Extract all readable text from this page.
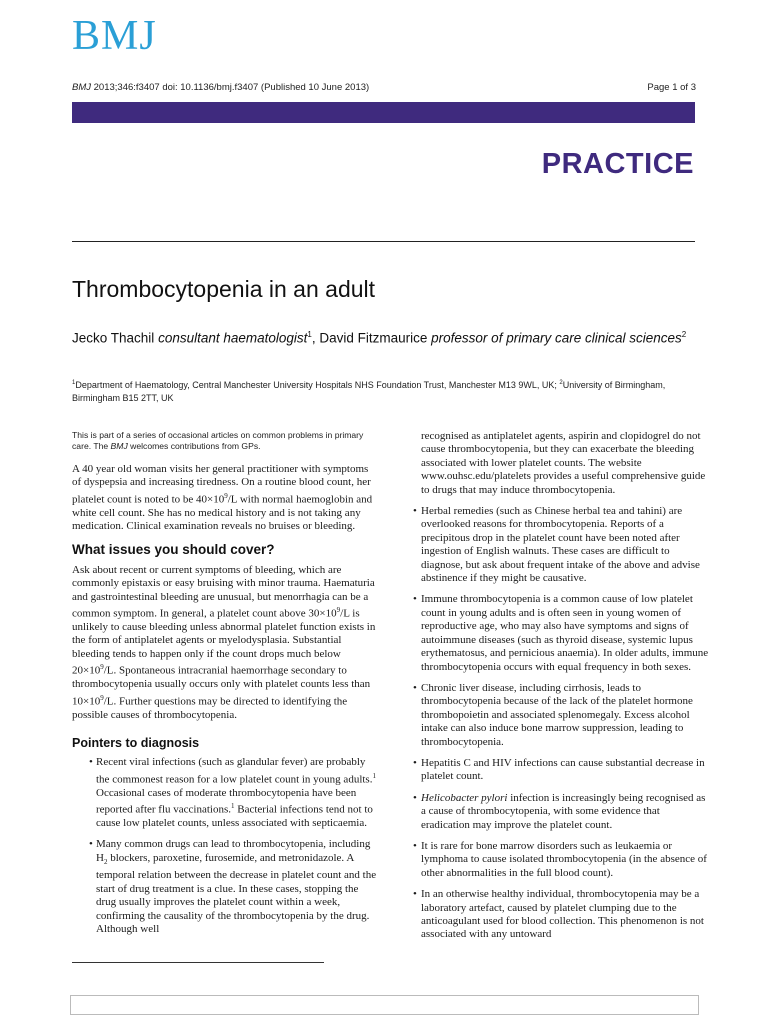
BMJ
BMJ 2013;346:f3407 doi: 10.1136/bmj.f3407 (Published 10 June 2013)	Page 1 of 3
PRACTICE
Thrombocytopenia in an adult
Jecko Thachil consultant haematologist$^1$, David Fitzmaurice professor of primary care clinical sciences$^2$
$^1$Department of Haematology, Central Manchester University Hospitals NHS Foundation Trust, Manchester M13 9WL, UK; $^2$University of Birmingham, Birmingham B15 2TT, UK

This is part of a series of occasional articles on common problems in primary care. The BMJ welcomes contributions from GPs.

A 40 year old woman visits her general practitioner with symptoms of dyspepsia and increasing tiredness. On a routine blood count, her platelet count is noted to be $40\times 10^9/L$ with normal haemoglobin and white cell count. She has no medical history and is not taking any medication. Clinical examination reveals no bruises or bleeding.

What issues you should cover?

Ask about recent or current symptoms of bleeding, which are commonly epistaxis or easy bruising with minor trauma. Haematuria and gastrointestinal bleeding are unusual, but menorrhagia can be a common symptom. In general, a platelet count above $30\times 10^9/L$ is unlikely to cause bleeding unless abnormal platelet function exists in the form of antiplatelet agents or myelodysplasia. Substantial bleeding tends to happen only if the count drops much below $20\times 10^9/L$. Spontaneous intracranial haemorrhage secondary to thrombocytopenia usually occurs only with platelet counts less than $10\times 10^9/L$. Further questions may be directed to identifying the possible causes of thrombocytopenia.

Pointers to diagnosis
• Recent viral infections (such as glandular fever) are probably the commonest reason for a low platelet count in young adults.$^1$ Occasional cases of moderate thrombocytopenia have been reported after flu vaccinations.$^1$ Bacterial infections tend not to cause low platelet counts, unless associated with septicaemia.
• Many common drugs can lead to thrombocytopenia, including $H_2$ blockers, paroxetine, furosemide, and metronidazole. A temporal relation between the decrease in platelet count and the start of drug treatment is a clue. In these cases, stopping the drug usually improves the platelet count within a week, confirming the causality of the thrombocytopenia by the drug. Although well

recognised as antiplatelet agents, aspirin and clopidogrel do not cause thrombocytopenia, but they can exacerbate the bleeding associated with lower platelet counts. The website www.ouhsc.edu/platelets provides a useful comprehensive guide to drugs that may induce thrombocytopenia.

• Herbal remedies (such as Chinese herbal tea and tahini) are overlooked reasons for thrombocytopenia. Reports of a precipitous drop in the platelet count have been noted after ingestion of English walnuts. These cases are difficult to diagnose, but ask about frequent intake of the above and advise abstinence if they might be causative.
• Immune thrombocytopenia is a common cause of low platelet count in young adults and is often seen in young women of reproductive age, who may also have symptoms and signs of autoimmune diseases (such as thyroid disease, systemic lupus erythematosus, and pernicious anaemia). In older adults, immune thrombocytopenia occurs with equal frequency in both sexes.
• Chronic liver disease, including cirrhosis, leads to thrombocytopenia because of the lack of the platelet hormone thrombopoietin and associated splenomegaly. Excess alcohol intake can also induce bone marrow suppression, leading to thrombocytopenia.
• Hepatitis C and HIV infections can cause substantial decrease in platelet count.
• Helicobacter pylori infection is increasingly being recognised as a cause of thrombocytopenia, with some evidence that eradication may improve the platelet count.
• It is rare for bone marrow disorders such as leukaemia or lymphoma to cause isolated thrombocytopenia (in the absence of other abnormalities in the full blood count).
• In an otherwise healthy individual, thrombocytopenia may be a laboratory artefact, caused by platelet clumping due to the anticoagulant used for blood collection. This phenomenon is not associated with any untoward
